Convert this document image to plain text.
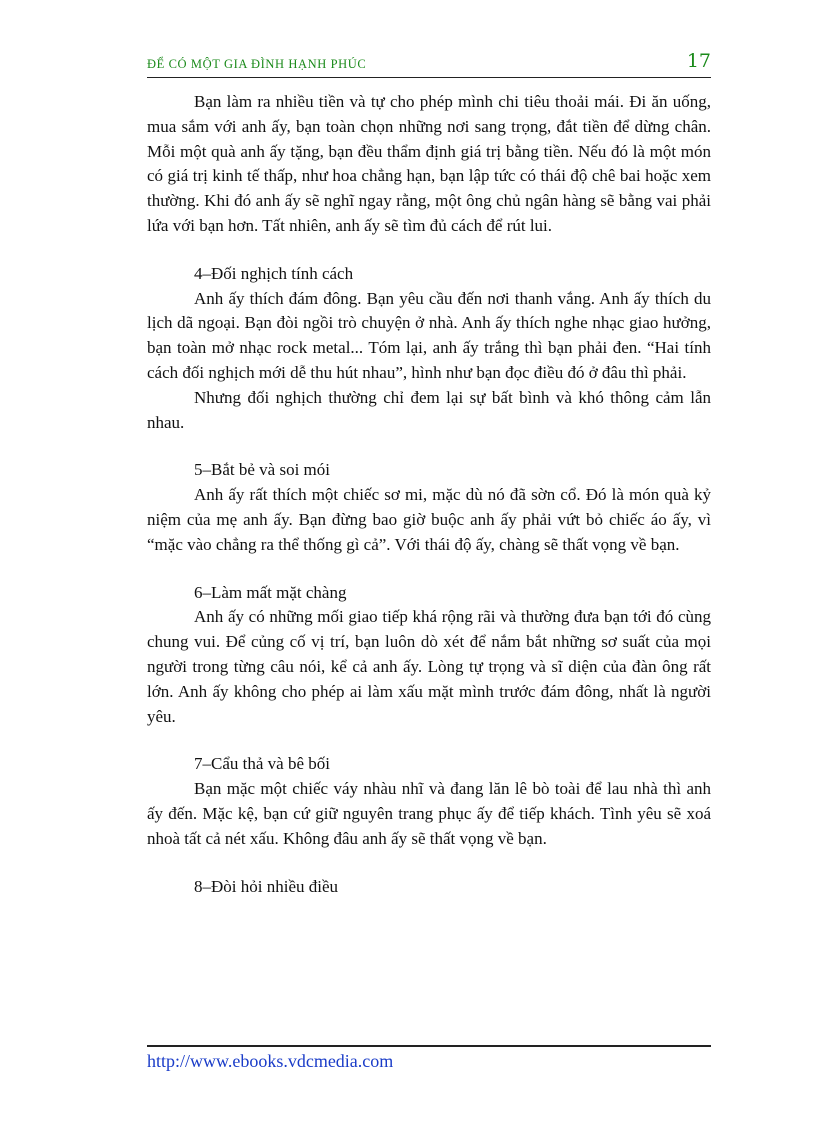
ĐỂ CÓ MỘT GIA ĐÌNH HẠNH PHÚC	17

Bạn làm ra nhiều tiền và tự cho phép mình chi tiêu thoải mái. Đi ăn uống, mua sắm với anh ấy, bạn toàn chọn những nơi sang trọng, đắt tiền để dừng chân. Mỗi một quà anh ấy tặng, bạn đều thẩm định giá trị bằng tiền. Nếu đó là một món có giá trị kinh tế thấp, như hoa chẳng hạn, bạn lập tức có thái độ chê bai hoặc xem thường. Khi đó anh ấy sẽ nghĩ ngay rằng, một ông chủ ngân hàng sẽ bằng vai phải lứa với bạn hơn. Tất nhiên, anh ấy sẽ tìm đủ cách để rút lui.

4–Đối nghịch tính cách

Anh ấy thích đám đông. Bạn yêu cầu đến nơi thanh vắng. Anh ấy thích du lịch dã ngoại. Bạn đòi ngồi trò chuyện ở nhà. Anh ấy thích nghe nhạc giao hưởng, bạn toàn mở nhạc rock metal... Tóm lại, anh ấy trắng thì bạn phải đen. “Hai tính cách đối nghịch mới dễ thu hút nhau”, hình như bạn đọc điều đó ở đâu thì phải.

Nhưng đối nghịch thường chỉ đem lại sự bất bình và khó thông cảm lẫn nhau.

5–Bắt bẻ và soi mói

Anh ấy rất thích một chiếc sơ mi, mặc dù nó đã sờn cổ. Đó là món quà kỷ niệm của mẹ anh ấy. Bạn đừng bao giờ buộc anh ấy phải vứt bỏ chiếc áo ấy, vì “mặc vào chẳng ra thể thống gì cả”. Với thái độ ấy, chàng sẽ thất vọng về bạn.

6–Làm mất mặt chàng

Anh ấy có những mối giao tiếp khá rộng rãi và thường đưa bạn tới đó cùng chung vui. Để củng cố vị trí, bạn luôn dò xét để nắm bắt những sơ suất của mọi người trong từng câu nói, kể cả anh ấy. Lòng tự trọng và sĩ diện của đàn ông rất lớn. Anh ấy không cho phép ai làm xấu mặt mình trước đám đông, nhất là người yêu.

7–Cẩu thả và bê bối

Bạn mặc một chiếc váy nhàu nhĩ và đang lăn lê bò toài để lau nhà thì anh ấy đến. Mặc kệ, bạn cứ giữ nguyên trang phục ấy để tiếp khách. Tình yêu sẽ xoá nhoà tất cả nét xấu. Không đâu anh ấy sẽ thất vọng về bạn.

8–Đòi hỏi nhiều điều

http://www.ebooks.vdcmedia.com
